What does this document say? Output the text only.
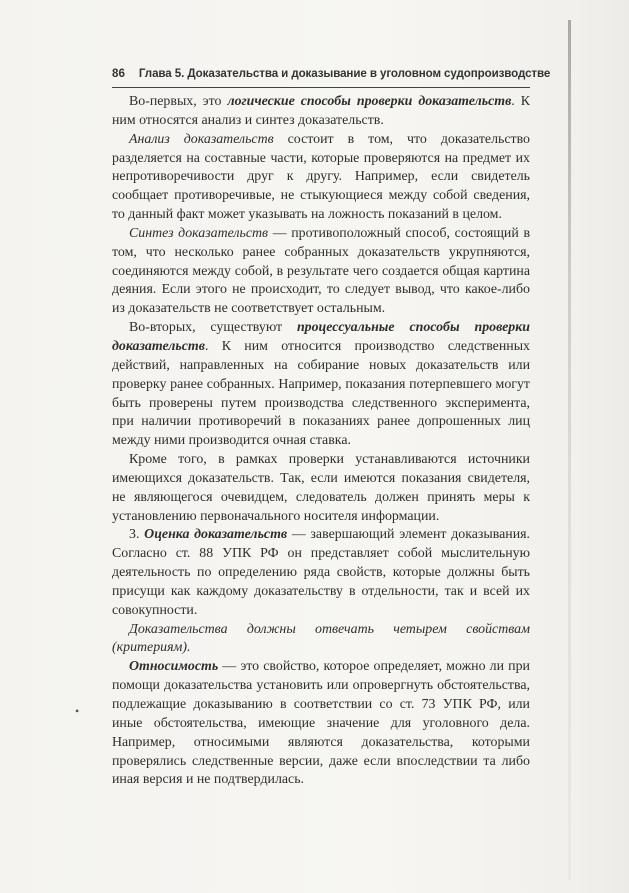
86 Глава 5. Доказательства и доказывание в уголовном судопроизводстве

Во-первых, это логические способы проверки доказательств. К ним относятся анализ и синтез доказательств.

Анализ доказательств состоит в том, что доказательство разделяется на составные части, которые проверяются на предмет их непротиворечивости друг к другу. Например, если свидетель сообщает противоречивые, не стыкующиеся между собой сведения, то данный факт может указывать на ложность показаний в целом.

Синтез доказательств — противоположный способ, состоящий в том, что несколько ранее собранных доказательств укрупняются, соединяются между собой, в результате чего создается общая картина деяния. Если этого не происходит, то следует вывод, что какое-либо из доказательств не соответствует остальным.

Во-вторых, существуют процессуальные способы проверки доказательств. К ним относится производство следственных действий, направленных на собирание новых доказательств или проверку ранее собранных. Например, показания потерпевшего могут быть проверены путем производства следственного эксперимента, при наличии противоречий в показаниях ранее допрошенных лиц между ними производится очная ставка.

Кроме того, в рамках проверки устанавливаются источники имеющихся доказательств. Так, если имеются показания свидетеля, не являющегося очевидцем, следователь должен принять меры к установлению первоначального носителя информации.

3. Оценка доказательств — завершающий элемент доказывания. Согласно ст. 88 УПК РФ он представляет собой мыслительную деятельность по определению ряда свойств, которые должны быть присущи как каждому доказательству в отдельности, так и всей их совокупности.

Доказательства должны отвечать четырем свойствам (критериям).

Относимость — это свойство, которое определяет, можно ли при помощи доказательства установить или опровергнуть обстоятельства, подлежащие доказыванию в соответствии со ст. 73 УПК РФ, или иные обстоятельства, имеющие значение для уголовного дела. Например, относимыми являются доказательства, которыми проверялись следственные версии, даже если впоследствии та либо иная версия и не подтвердилась.

•
